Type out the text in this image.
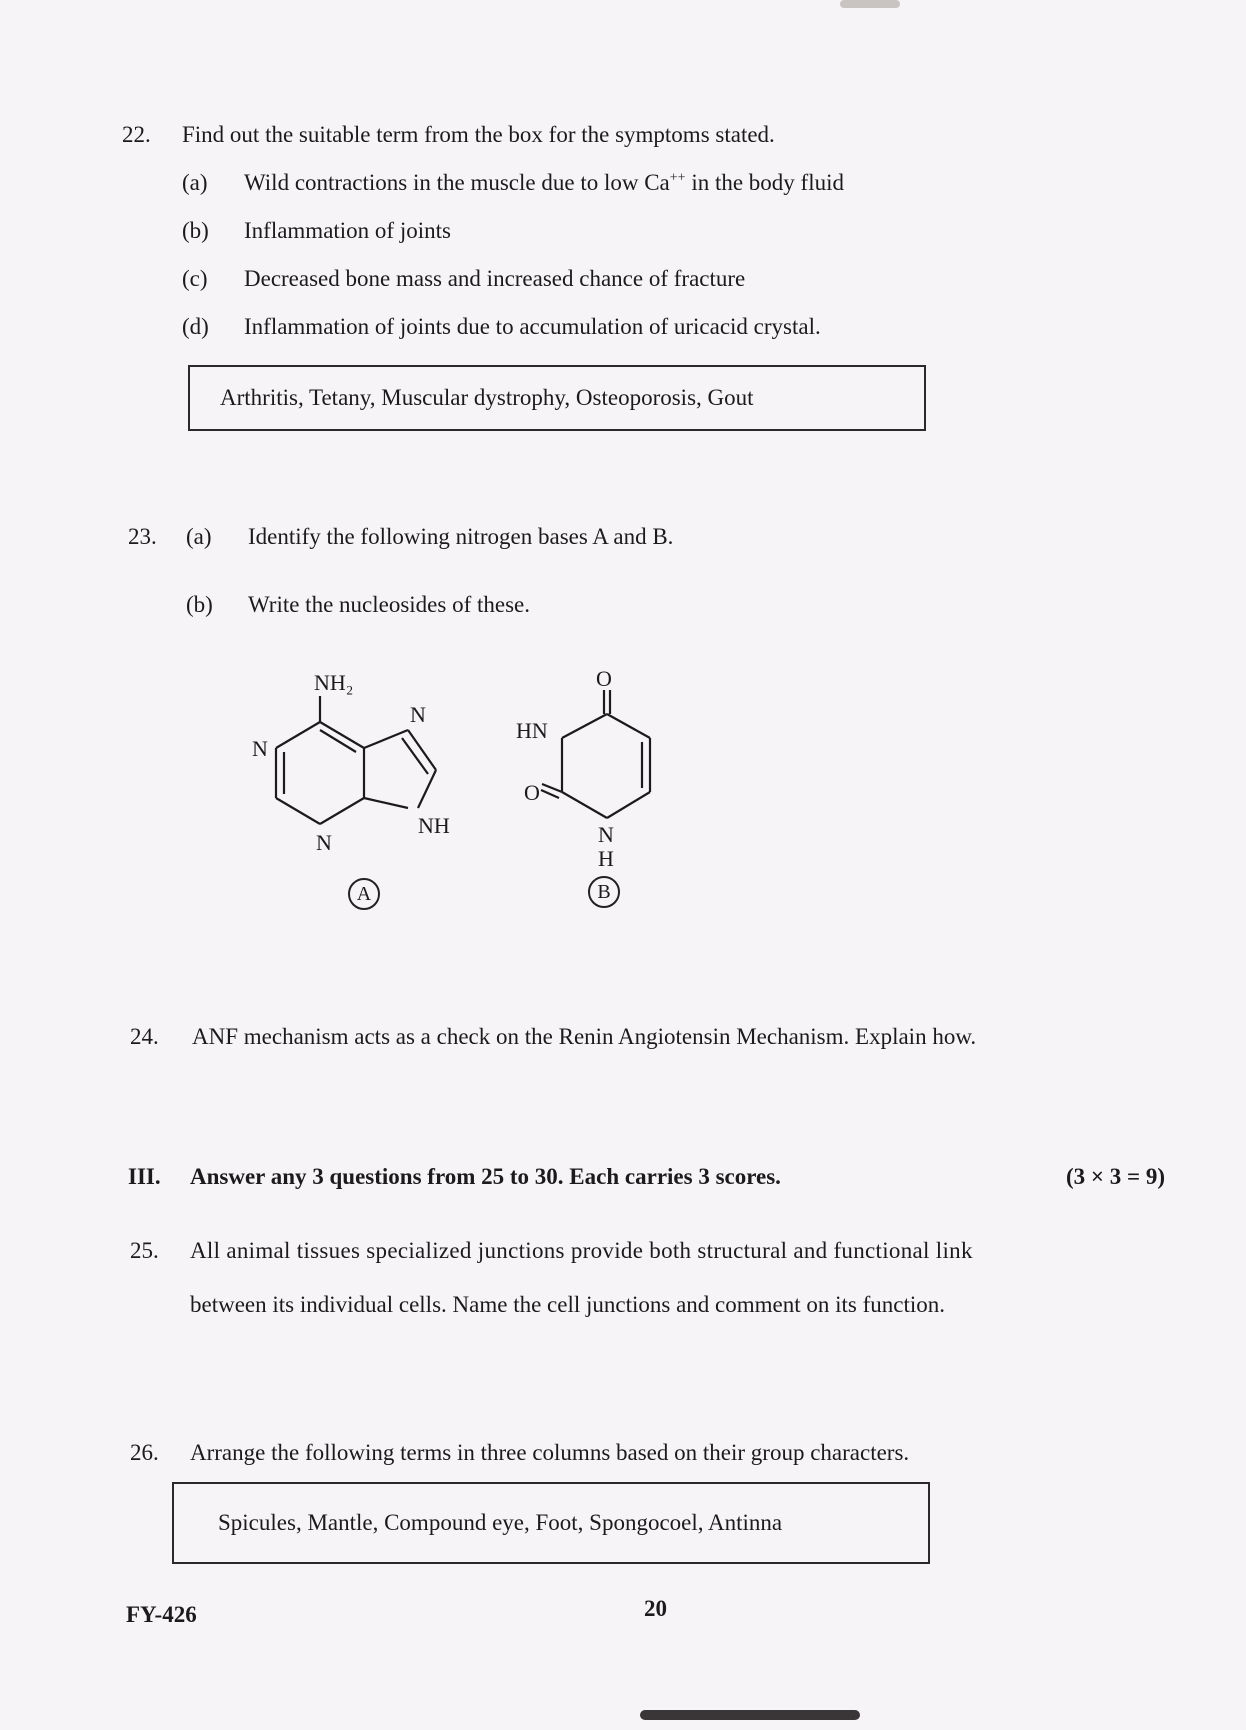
22. Find out the suitable term from the box for the symptoms stated.
(a) Wild contractions in the muscle due to low Ca++ in the body fluid
(b) Inflammation of joints
(c) Decreased bone mass and increased chance of fracture
(d) Inflammation of joints due to accumulation of uricacid crystal.
Arthritis, Tetany, Muscular dystrophy, Osteoporosis, Gout
23. (a) Identify the following nitrogen bases A and B.
(b) Write the nucleosides of these.
NH₂
N
N
N
NH
A
O
HN
O
N
H
B
24. ANF mechanism acts as a check on the Renin Angiotensin Mechanism. Explain how.
III. Answer any 3 questions from 25 to 30. Each carries 3 scores.	(3 × 3 = 9)
25. All animal tissues specialized junctions provide both structural and functional link
between its individual cells. Name the cell junctions and comment on its function.
26. Arrange the following terms in three columns based on their group characters.
Spicules, Mantle, Compound eye, Foot, Spongocoel, Antinna
FY-426	20
